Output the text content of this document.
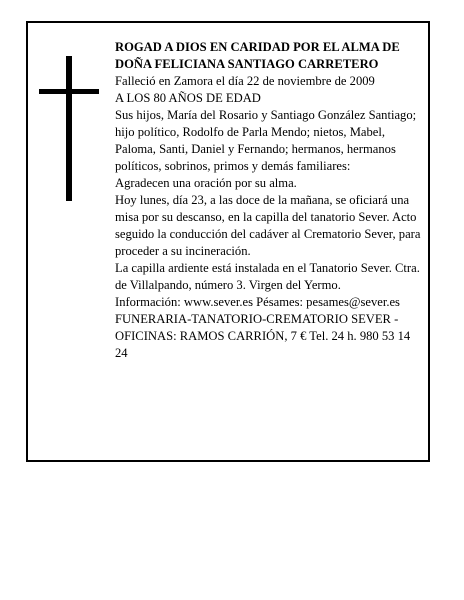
ROGAD A DIOS EN CARIDAD POR EL ALMA DE DOÑA FELICIANA SANTIAGO CARRETERO

Falleció en Zamora el día 22 de noviembre de 2009

A LOS 80 AÑOS DE EDAD

Sus hijos, María del Rosario y Santiago González Santiago; hijo político, Rodolfo de Parla Mendo; nietos, Mabel, Paloma, Santi, Daniel y Fernando; hermanos, hermanos políticos, sobrinos, primos y demás familiares:

Agradecen una oración por su alma.

Hoy lunes, día 23, a las doce de la mañana, se oficiará una misa por su descanso, en la capilla del tanatorio Sever. Acto seguido la conducción del cadáver al Crematorio Sever, para proceder a su incineración.

La capilla ardiente está instalada en el Tanatorio Sever. Ctra. de Villalpando, número 3. Virgen del Yermo.

Información: www.sever.es Pésames: pesames@sever.es

FUNERARIA-TANATORIO-CREMATORIO SEVER - OFICINAS: RAMOS CARRIÓN, 7 € Tel. 24 h. 980 53 14 24
